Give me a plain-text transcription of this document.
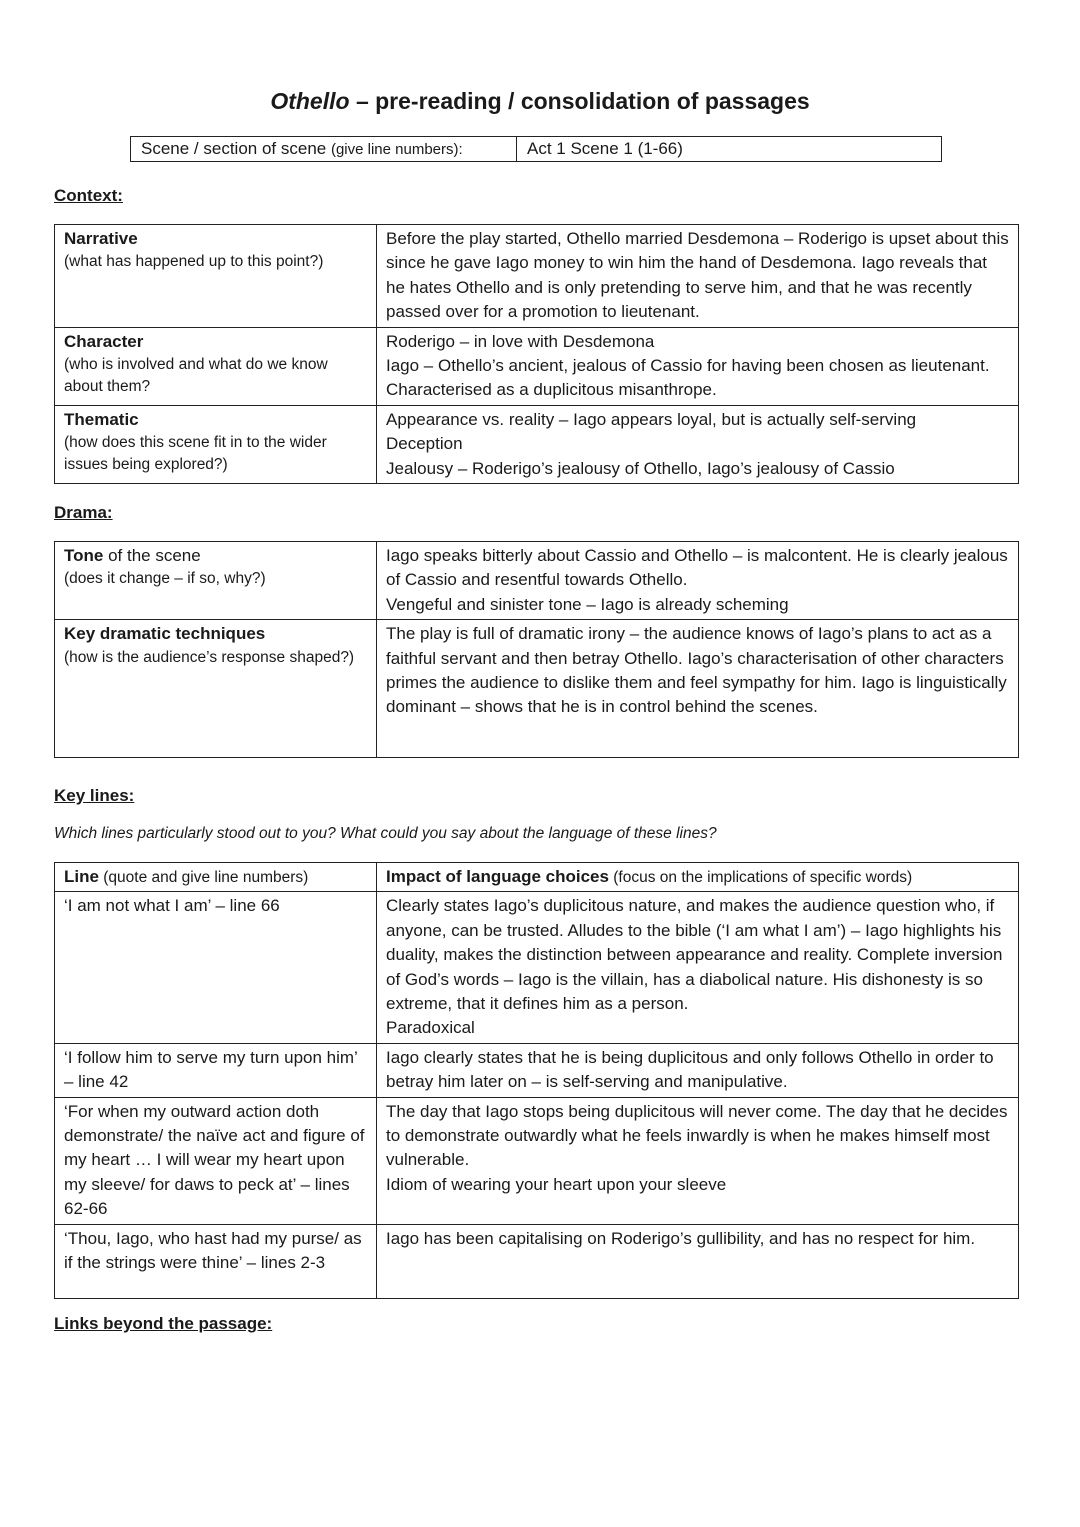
Othello – pre-reading / consolidation of passages
Scene / section of scene (give line numbers):	Act 1 Scene 1 (1-66)
Context:
Narrative
(what has happened up to this point?)	Before the play started, Othello married Desdemona – Roderigo is upset about this since he gave Iago money to win him the hand of Desdemona. Iago reveals that he hates Othello and is only pretending to serve him, and that he was recently passed over for a promotion to lieutenant.

Character
(who is involved and what do we know about them?	Roderigo – in love with Desdemona
Iago – Othello’s ancient, jealous of Cassio for having been chosen as lieutenant. Characterised as a duplicitous misanthrope.

Thematic
(how does this scene fit in to the wider issues being explored?)	Appearance vs. reality – Iago appears loyal, but is actually self-serving
Deception
Jealousy – Roderigo’s jealousy of Othello, Iago’s jealousy of Cassio
Drama:
Tone of the scene
(does it change – if so, why?)	Iago speaks bitterly about Cassio and Othello – is malcontent. He is clearly jealous of Cassio and resentful towards Othello.
Vengeful and sinister tone – Iago is already scheming

Key dramatic techniques
(how is the audience’s response shaped?)	The play is full of dramatic irony – the audience knows of Iago’s plans to act as a faithful servant and then betray Othello. Iago’s characterisation of other characters primes the audience to dislike them and feel sympathy for him. Iago is linguistically dominant – shows that he is in control behind the scenes.
Key lines:
Which lines particularly stood out to you? What could you say about the language of these lines?
Line (quote and give line numbers)	Impact of language choices (focus on the implications of specific words)

‘I am not what I am’ – line 66	Clearly states Iago’s duplicitous nature, and makes the audience question who, if anyone, can be trusted. Alludes to the bible (‘I am what I am’) – Iago highlights his duality, makes the distinction between appearance and reality. Complete inversion of God’s words – Iago is the villain, has a diabolical nature. His dishonesty is so extreme, that it defines him as a person.
Paradoxical

‘I follow him to serve my turn upon him’ – line 42	Iago clearly states that he is being duplicitous and only follows Othello in order to betray him later on – is self-serving and manipulative.

‘For when my outward action doth demonstrate/ the naïve act and figure of my heart … I will wear my heart upon my sleeve/ for daws to peck at’ – lines 62-66	The day that Iago stops being duplicitous will never come. The day that he decides to demonstrate outwardly what he feels inwardly is when he makes himself most vulnerable.
Idiom of wearing your heart upon your sleeve

‘Thou, Iago, who hast had my purse/ as if the strings were thine’ – lines 2-3	Iago has been capitalising on Roderigo’s gullibility, and has no respect for him.
Links beyond the passage:
